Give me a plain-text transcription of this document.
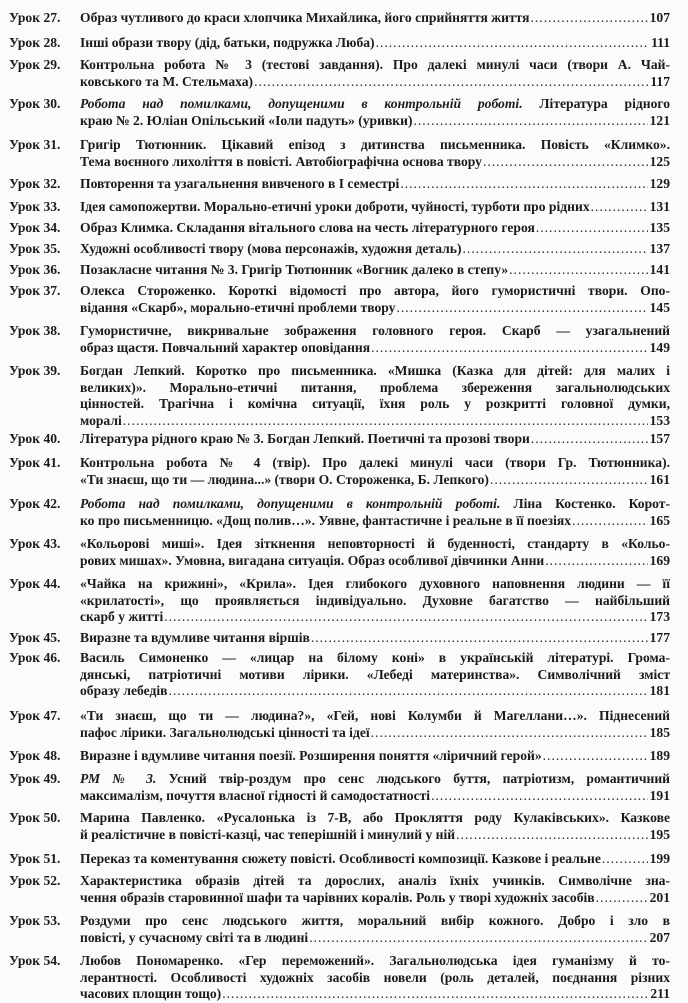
Урок 27.	Образ чутливого до краси хлопчика Михайлика, його сприйняття життя .....	107
Урок 28.	Інші образи твору (дід, батьки, подружка Люба) .....	111
Урок 29.	Контрольна робота № 3 (тестові завдання). Про далекі минулі часи (твори А. Чай-
ковського та М. Стельмаха) .....	117
Урок 30.	Робота над помилками, допущеними в контрольній роботі. Література рідного
краю № 2. Юліан Опільський «Іоли падуть» (уривки) .....	121
Урок 31.	Григір Тютюнник. Цікавий епізод з дитинства письменника. Повість «Климко».
Тема воєнного лихоліття в повісті. Автобіографічна основа твору .....	125
Урок 32.	Повторення та узагальнення вивченого в І семестрі .....	129
Урок 33.	Ідея самопожертви. Морально-етичні уроки доброти, чуйності, турботи про рідних .....	131
Урок 34.	Образ Климка. Складання вітального слова на честь літературного героя .....	135
Урок 35.	Художні особливості твору (мова персонажів, художня деталь) .....	137
Урок 36.	Позакласне читання № 3. Григір Тютюнник «Вогник далеко в степу» .....	141
Урок 37.	Олекса Стороженко. Короткі відомості про автора, його гумористичні твори. Опо-
відання «Скарб», морально-етичні проблеми твору .....	145
Урок 38.	Гумористичне, викривальне зображення головного героя. Скарб — узагальнений
образ щастя. Повчальний характер оповідання .....	149
Урок 39.	Богдан Лепкий. Коротко про письменника. «Мишка (Казка для дітей: для малих і
великих)». Морально-етичні питання, проблема збереження загальнолюдських
цінностей. Трагічна і комічна ситуації, їхня роль у розкритті головної думки,
моралі .....	153
Урок 40.	Література рідного краю № 3. Богдан Лепкий. Поетичні та прозові твори .....	157
Урок 41.	Контрольна робота № 4 (твір). Про далекі минулі часи (твори Гр. Тютюнника).
«Ти знаєш, що ти — людина...» (твори О. Стороженка, Б. Лепкого) .....	161
Урок 42.	Робота над помилками, допущеними в контрольній роботі. Ліна Костенко. Корот-
ко про письменницю. «Дощ полив…». Уявне, фантастичне і реальне в її поезіях .....	165
Урок 43.	«Кольорові миші». Ідея зіткнення неповторності й буденності, стандарту в «Кольо-
рових мишах». Умовна, вигадана ситуація. Образ особливої дівчинки Анни .....	169
Урок 44.	«Чайка на крижині», «Крила». Ідея глибокого духовного наповнення людини — її
«крилатості», що проявляється індивідуально. Духовне багатство — найбільший
скарб у житті .....	173
Урок 45.	Виразне та вдумливе читання віршів .....	177
Урок 46.	Василь Симоненко — «лицар на білому коні» в українській літературі. Грома-
дянські, патріотичні мотиви лірики. «Лебеді материнства». Символічний зміст
образу лебедів .....	181
Урок 47.	«Ти знаєш, що ти — людина?», «Гей, нові Колумби й Магеллани…». Піднесений
пафос лірики. Загальнолюдські цінності та ідеї .....	185
Урок 48.	Виразне і вдумливе читання поезії. Розширення поняття «ліричний герой» .....	189
Урок 49.	РМ № 3. Усний твір-роздум про сенс людського буття, патріотизм, романтичний
максималізм, почуття власної гідності й самодостатності .....	191
Урок 50.	Марина Павленко. «Русалонька із 7-В, або Прокляття роду Кулаківських». Казкове
й реалістичне в повісті-казці, час теперішній і минулий у ній .....	195
Урок 51.	Переказ та коментування сюжету повісті. Особливості композиції. Казкове і реальне .....	199
Урок 52.	Характеристика образів дітей та дорослих, аналіз їхніх учинків. Символічне зна-
чення образів старовинної шафи та чарівних коралів. Роль у творі художніх засобів .....	201
Урок 53.	Роздуми про сенс людського життя, моральний вибір кожного. Добро і зло в
повісті, у сучасному світі та в людині .....	207
Урок 54.	Любов Пономаренко. «Гер переможений». Загальнолюдська ідея гуманізму й то-
лерантності. Особливості художніх засобів новели (роль деталей, поєднання різних
часових площин тощо) .....	211
